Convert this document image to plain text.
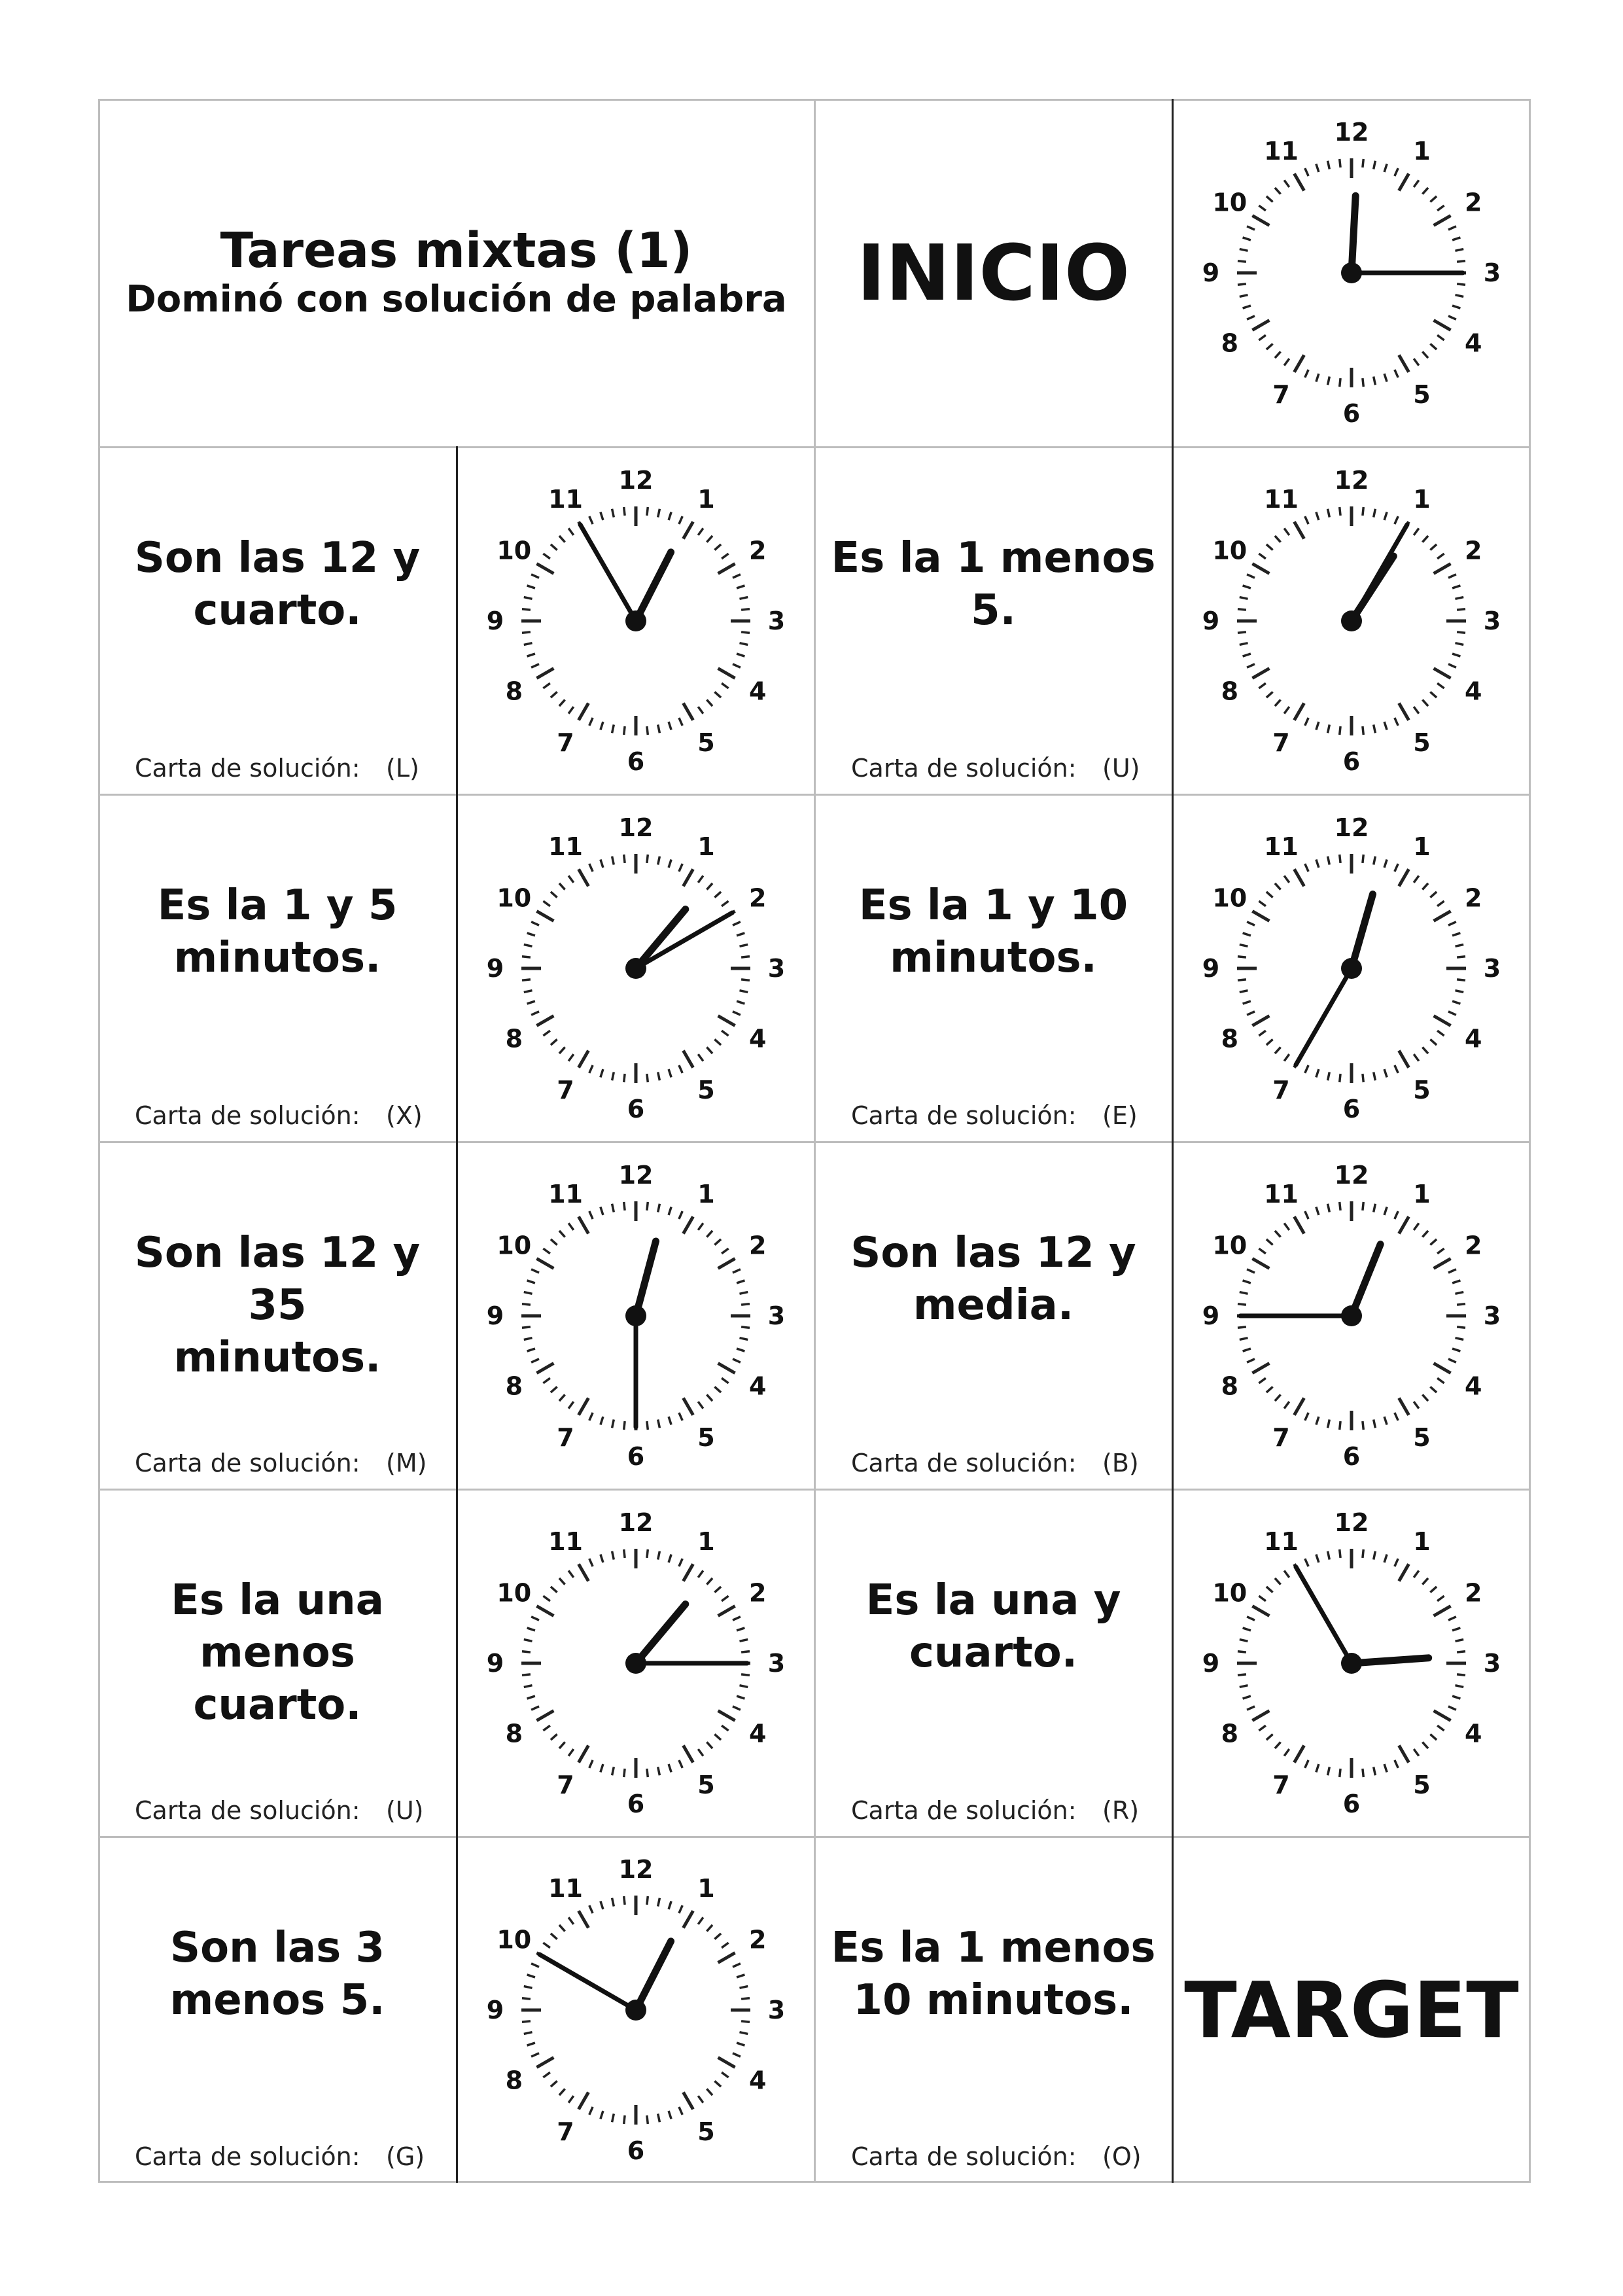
Tareas mixtas (1)
Dominó con solución de palabra INICIO
12
1
2
3
4
5
6
7
8
9
10
11
Son las 12 y
cuarto.
Carta de solución: (L)
12
1
2
3
4
5
6
7
8
9
10
11
Es la 1 menos
5.
Carta de solución: (U)
12
1
2
3
4
5
6
7
8
9
10
11
Es la 1 y 5
minutos.
Carta de solución: (X)
12
1
2
3
4
5
6
7
8
9
10
11
Es la 1 y 10
minutos.
Carta de solución: (E)
12
1
2
3
4
5
6
7
8
9
10
11
Son las 12 y 35
minutos.
Carta de solución: (M)
12
1
2
3
4
5
6
7
8
9
10
11
Son las 12 y
media.
Carta de solución: (B)
12
1
2
3
4
5
6
7
8
9
10
11
Es la una
menos cuarto.
Carta de solución: (U)
12
1
2
3
4
5
6
7
8
9
10
11
Es la una y
cuarto.
Carta de solución: (R)
12
1
2
3
4
5
6
7
8
9
10
11
Son las 3
menos 5.
Carta de solución: (G)
12
1
2
3
4
5
6
7
8
9
10
11
Es la 1 menos
10 minutos.
Carta de solución: (O)
TARGET
